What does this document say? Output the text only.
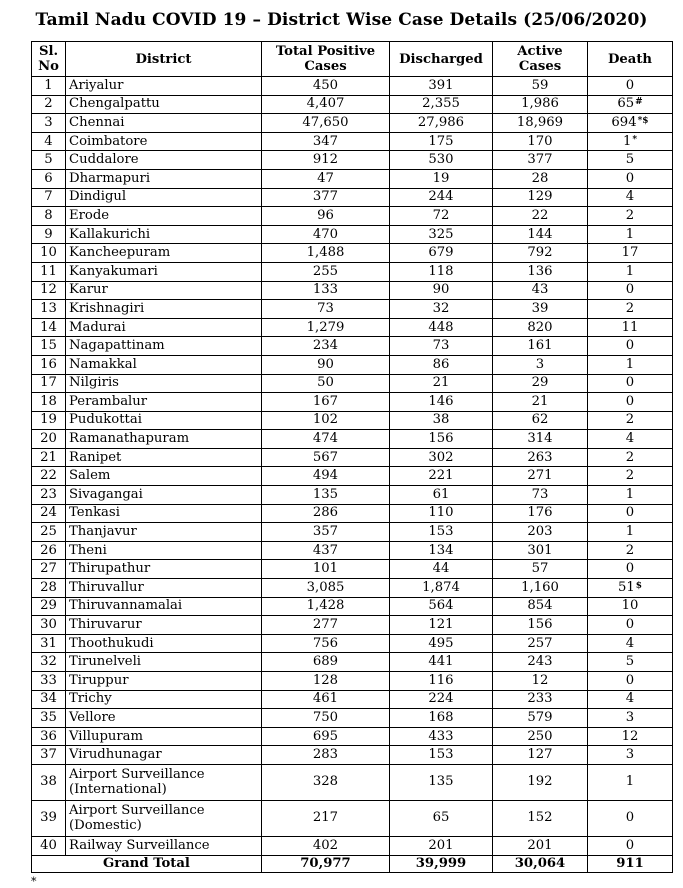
Tamil Nadu COVID 19 – District Wise Case Details (25/06/2020)
Sl. No	District	Total Positive Cases	Discharged	Active Cases	Death
1	Ariyalur	450	391	59	0
2	Chengalpattu	4,407	2,355	1,986	65#
3	Chennai	47,650	27,986	18,969	694*$
4	Coimbatore	347	175	170	1*
5	Cuddalore	912	530	377	5
6	Dharmapuri	47	19	28	0
7	Dindigul	377	244	129	4
8	Erode	96	72	22	2
9	Kallakurichi	470	325	144	1
10	Kancheepuram	1,488	679	792	17
11	Kanyakumari	255	118	136	1
12	Karur	133	90	43	0
13	Krishnagiri	73	32	39	2
14	Madurai	1,279	448	820	11
15	Nagapattinam	234	73	161	0
16	Namakkal	90	86	3	1
17	Nilgiris	50	21	29	0
18	Perambalur	167	146	21	0
19	Pudukottai	102	38	62	2
20	Ramanathapuram	474	156	314	4
21	Ranipet	567	302	263	2
22	Salem	494	221	271	2
23	Sivagangai	135	61	73	1
24	Tenkasi	286	110	176	0
25	Thanjavur	357	153	203	1
26	Theni	437	134	301	2
27	Thirupathur	101	44	57	0
28	Thiruvallur	3,085	1,874	1,160	51$
29	Thiruvannamalai	1,428	564	854	10
30	Thiruvarur	277	121	156	0
31	Thoothukudi	756	495	257	4
32	Tirunelveli	689	441	243	5
33	Tiruppur	128	116	12	0
34	Trichy	461	224	233	4
35	Vellore	750	168	579	3
36	Villupuram	695	433	250	12
37	Virudhunagar	283	153	127	3
38	Airport Surveillance (International)	328	135	192	1
39	Airport Surveillance (Domestic)	217	65	152	0
40	Railway Surveillance	402	201	201	0
Grand Total		70,977	39,999	30,064	911
*
